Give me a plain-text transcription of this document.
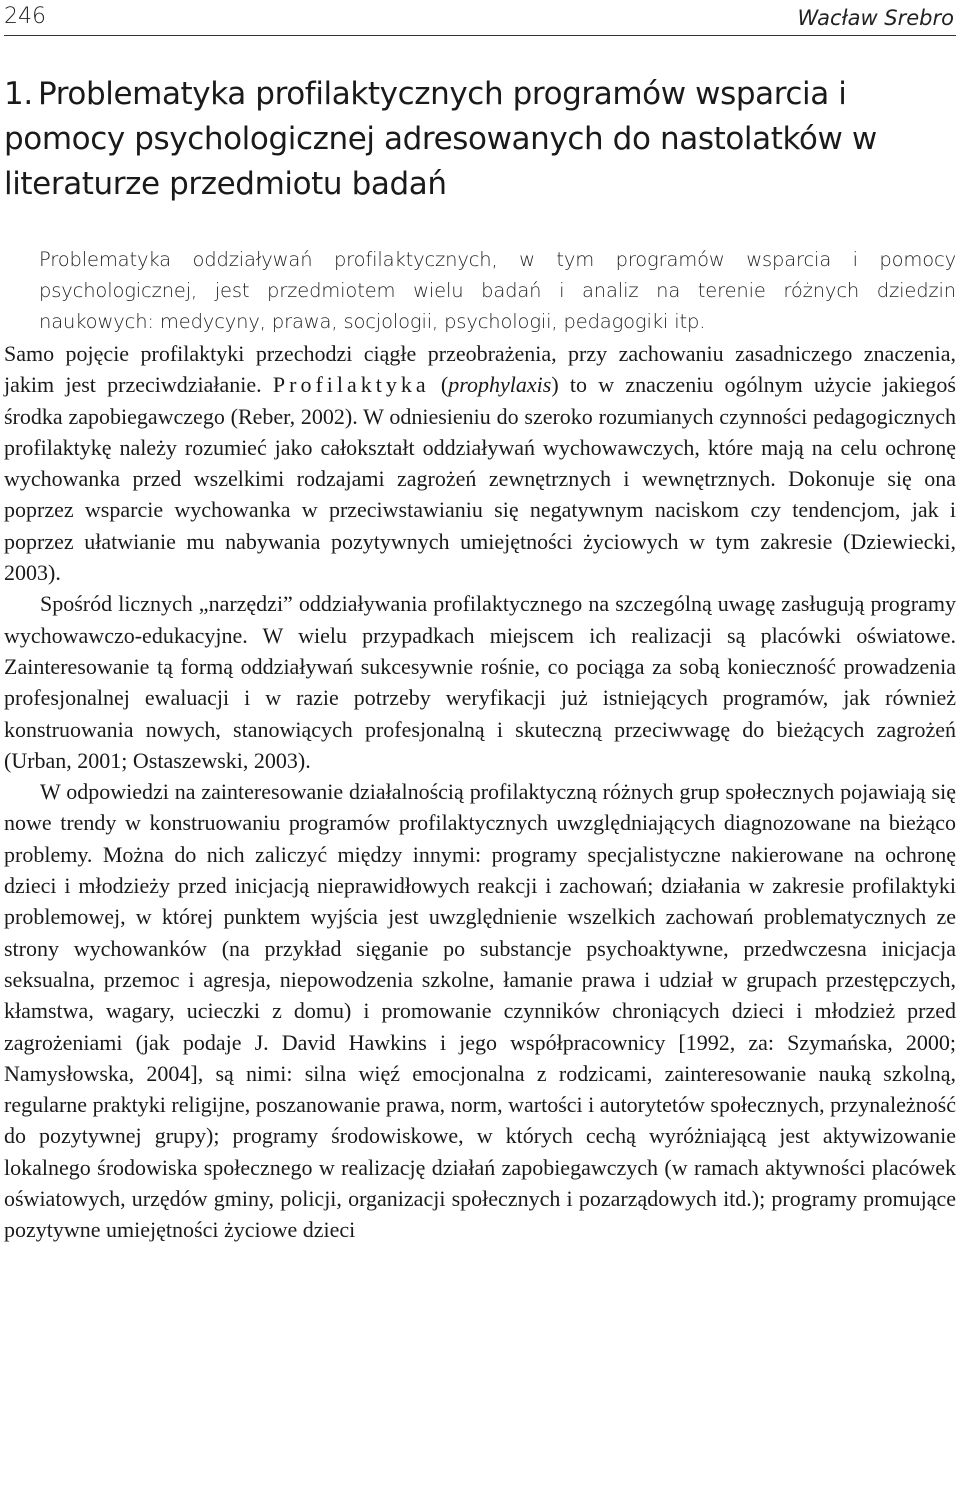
246	Wacław Srebro
1. Problematyka profilaktycznych programów wsparcia i pomocy psychologicznej adresowanych do nastolatków w literaturze przedmiotu badań

Problematyka oddziaływań profilaktycznych, w tym programów wsparcia i pomocy psychologicznej, jest przedmiotem wielu badań i analiz na terenie różnych dziedzin naukowych: medycyny, prawa, socjologii, psychologii, pedagogiki itp.

Samo pojęcie profilaktyki przechodzi ciągłe przeobrażenia, przy zachowaniu zasadniczego znaczenia, jakim jest przeciwdziałanie. Profilaktyka (prophylaxis) to w znaczeniu ogólnym użycie jakiegoś środka zapobiegawczego (Reber, 2002). W odniesieniu do szeroko rozumianych czynności pedagogicznych profilaktykę należy rozumieć jako całokształt oddziaływań wychowawczych, które mają na celu ochronę wychowanka przed wszelkimi rodzajami zagrożeń zewnętrznych i wewnętrznych. Dokonuje się ona poprzez wsparcie wychowanka w przeciwstawianiu się negatywnym naciskom czy tendencjom, jak i poprzez ułatwianie mu nabywania pozytywnych umiejętności życiowych w tym zakresie (Dziewiecki, 2003).

Spośród licznych „narzędzi” oddziaływania profilaktycznego na szczególną uwagę zasługują programy wychowawczo-edukacyjne. W wielu przypadkach miejscem ich realizacji są placówki oświatowe. Zainteresowanie tą formą oddziaływań sukcesywnie rośnie, co pociąga za sobą konieczność prowadzenia profesjonalnej ewaluacji i w razie potrzeby weryfikacji już istniejących programów, jak również konstruowania nowych, stanowiących profesjonalną i skuteczną przeciwwagę do bieżących zagrożeń (Urban, 2001; Ostaszewski, 2003).

W odpowiedzi na zainteresowanie działalnością profilaktyczną różnych grup społecznych pojawiają się nowe trendy w konstruowaniu programów profilaktycznych uwzględniających diagnozowane na bieżąco problemy. Można do nich zaliczyć między innymi: programy specjalistyczne nakierowane na ochronę dzieci i młodzieży przed inicjacją nieprawidłowych reakcji i zachowań; działania w zakresie profilaktyki problemowej, w której punktem wyjścia jest uwzględnienie wszelkich zachowań problematycznych ze strony wychowanków (na przykład sięganie po substancje psychoaktywne, przedwczesna inicjacja seksualna, przemoc i agresja, niepowodzenia szkolne, łamanie prawa i udział w grupach przestępczych, kłamstwa, wagary, ucieczki z domu) i promowanie czynników chroniących dzieci i młodzież przed zagrożeniami (jak podaje J. David Hawkins i jego współpracownicy [1992, za: Szymańska, 2000; Namysłowska, 2004], są nimi: silna więź emocjonalna z rodzicami, zainteresowanie nauką szkolną, regularne praktyki religijne, poszanowanie prawa, norm, wartości i autorytetów społecznych, przynależność do pozytywnej grupy); programy środowiskowe, w których cechą wyróżniającą jest aktywizowanie lokalnego środowiska społecznego w realizację działań zapobiegawczych (w ramach aktywności placówek oświatowych, urzędów gminy, policji, organizacji społecznych i pozarządowych itd.); programy promujące pozytywne umiejętności życiowe dzieci
